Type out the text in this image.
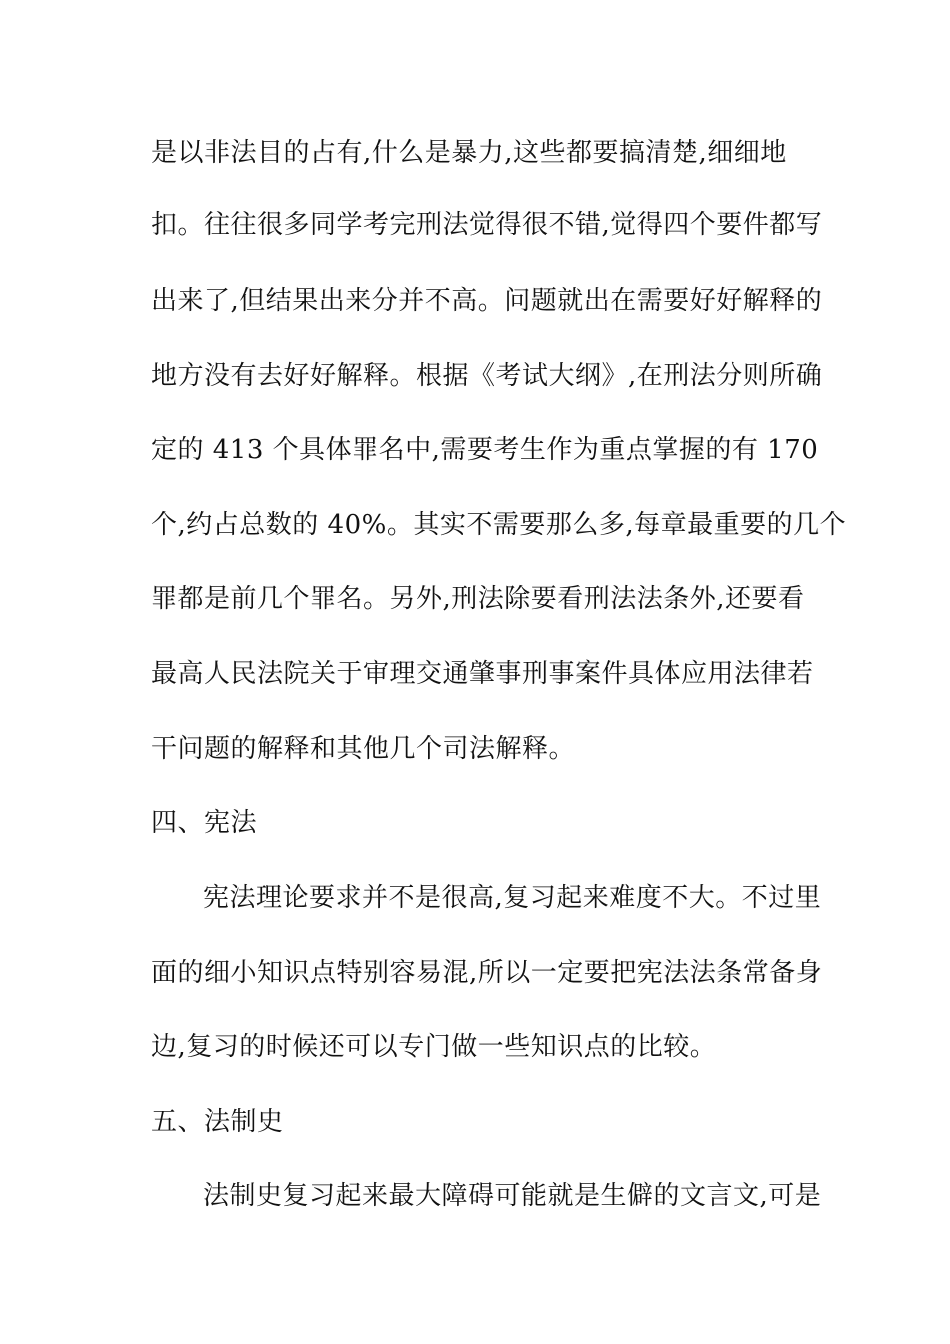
是以非法目的占有,什么是暴力,这些都要搞清楚,细细地
扣。往往很多同学考完刑法觉得很不错,觉得四个要件都写
出来了,但结果出来分并不高。问题就出在需要好好解释的
地方没有去好好解释。根据《考试大纲》,在刑法分则所确
定的 413 个具体罪名中,需要考生作为重点掌握的有 170
个,约占总数的 40%。其实不需要那么多,每章最重要的几个
罪都是前几个罪名。另外,刑法除要看刑法法条外,还要看
最高人民法院关于审理交通肇事刑事案件具体应用法律若
干问题的解释和其他几个司法解释。
四、宪法
宪法理论要求并不是很高,复习起来难度不大。不过里
面的细小知识点特别容易混,所以一定要把宪法法条常备身
边,复习的时候还可以专门做一些知识点的比较。
五、法制史
法制史复习起来最大障碍可能就是生僻的文言文,可是
